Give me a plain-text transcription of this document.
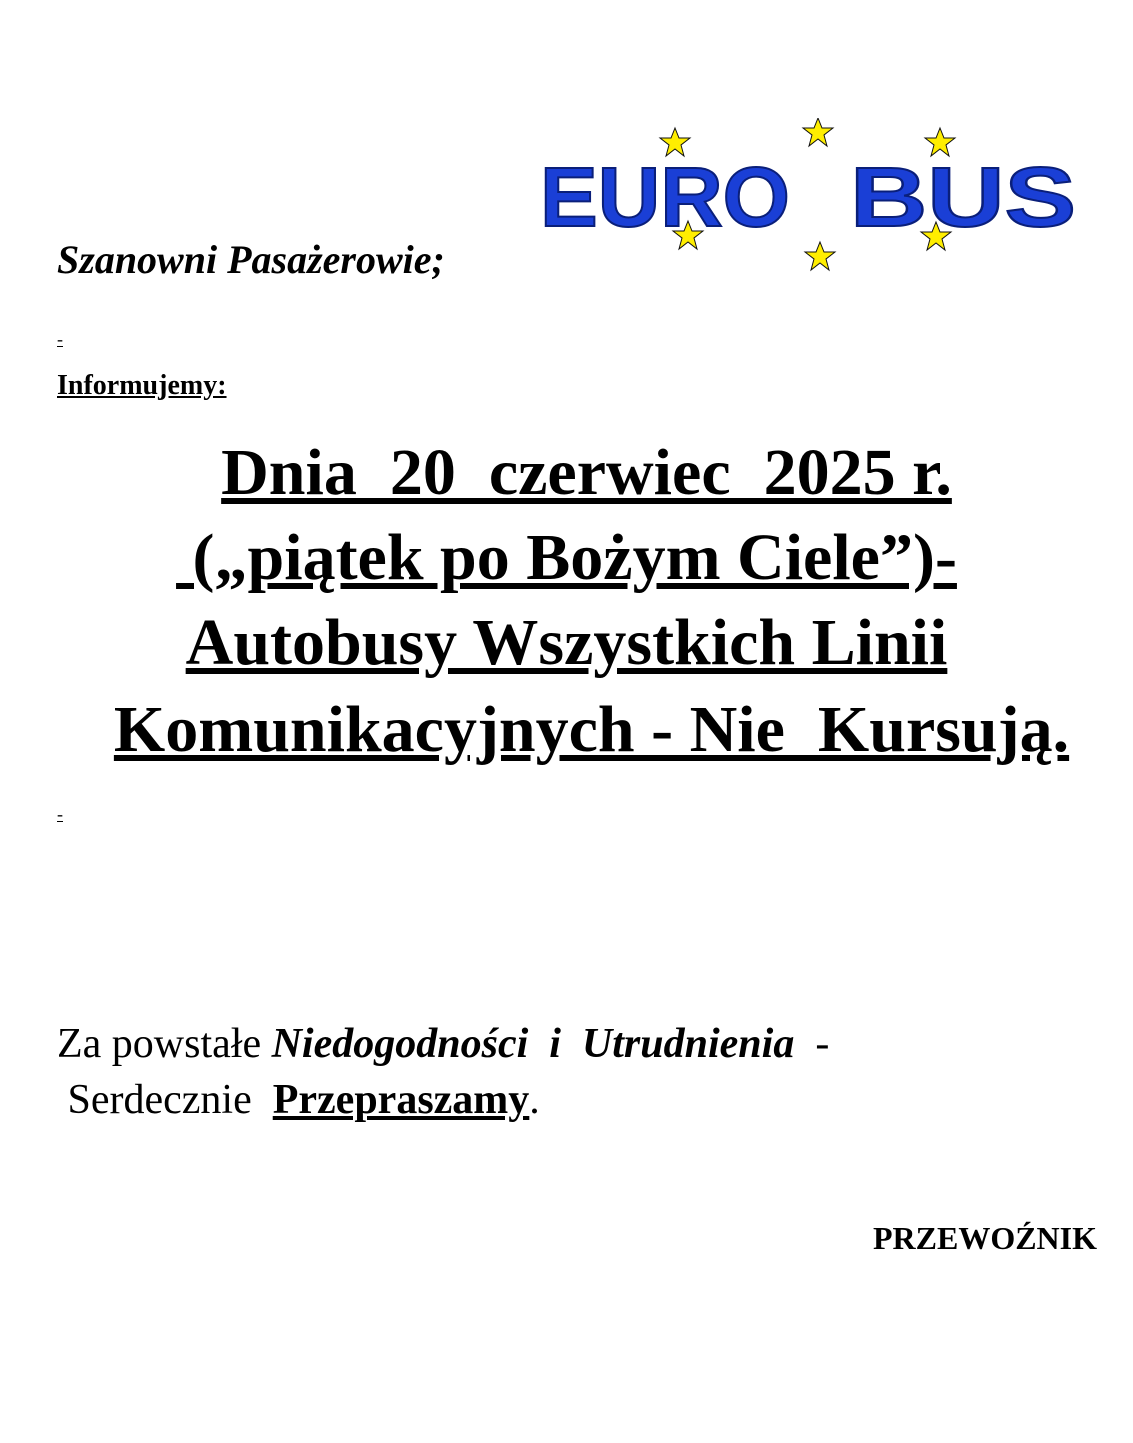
EURO BUS
Szanowni Pasażerowie;
-
Informujemy:
Dnia  20  czerwiec  2025 r.
(„piątek po Bożym Ciele”)-
Autobusy Wszystkich Linii
Komunikacyjnych - Nie  Kursują.
-
Za powstałe Niedogodności  i  Utrudnienia  -
Serdecznie  Przepraszamy.
PRZEWOŹNIK
